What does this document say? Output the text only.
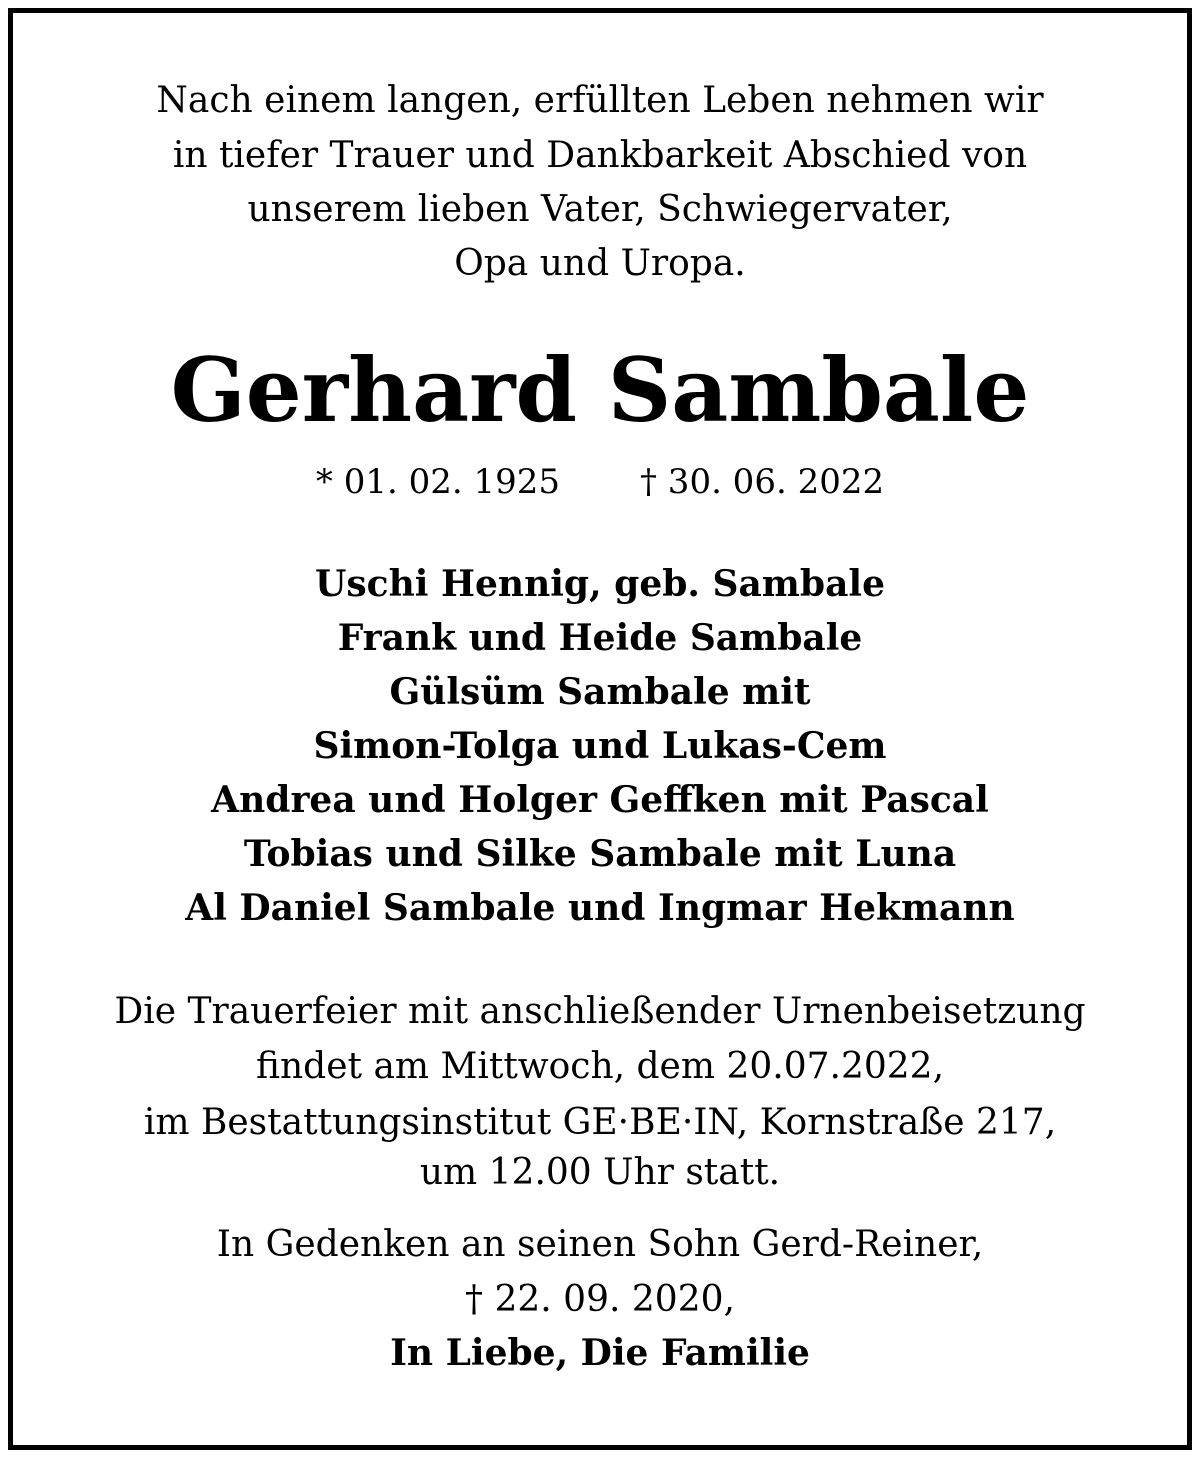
Nach einem langen, erfüllten Leben nehmen wir
in tiefer Trauer und Dankbarkeit Abschied von
unserem lieben Vater, Schwiegervater,
Opa und Uropa.
Gerhard Sambale
* 01. 02. 1925 † 30. 06. 2022
Uschi Hennig, geb. Sambale
Frank und Heide Sambale
Gülsüm Sambale mit
Simon-Tolga und Lukas-Cem
Andrea und Holger Geffken mit Pascal
Tobias und Silke Sambale mit Luna
Al Daniel Sambale und Ingmar Hekmann
Die Trauerfeier mit anschließender Urnenbeisetzung
findet am Mittwoch, dem 20.07.2022,
im Bestattungsinstitut GE·BE·IN, Kornstraße 217,
um 12.00 Uhr statt.
In Gedenken an seinen Sohn Gerd-Reiner,
† 22. 09. 2020,
In Liebe, Die Familie
